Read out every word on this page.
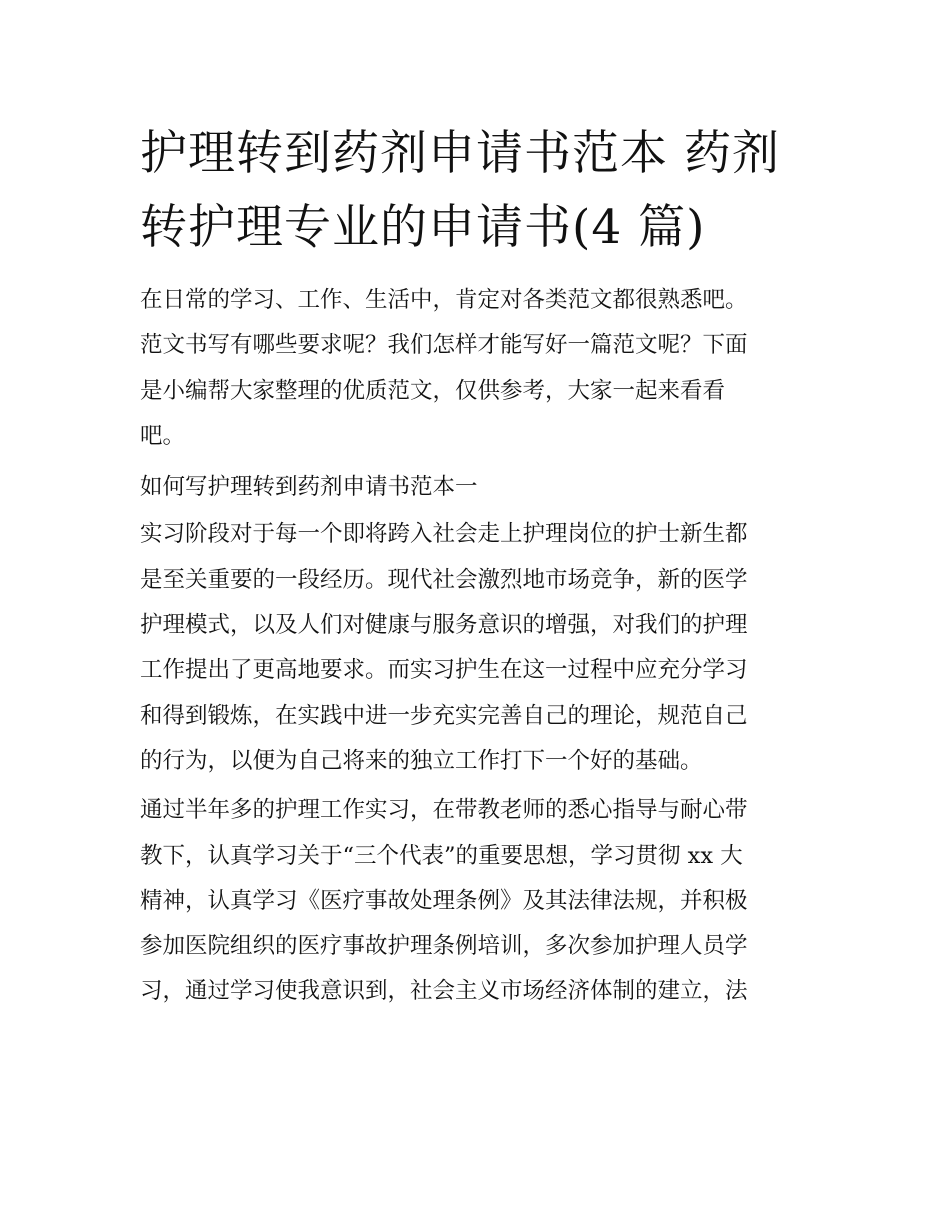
护理转到药剂申请书范本 药剂
转护理专业的申请书(4 篇)
在日常的学习、工作、生活中，肯定对各类范文都很熟悉吧。
范文书写有哪些要求呢？我们怎样才能写好一篇范文呢？下面
是小编帮大家整理的优质范文，仅供参考，大家一起来看看
吧。
如何写护理转到药剂申请书范本一
实习阶段对于每一个即将跨入社会走上护理岗位的护士新生都
是至关重要的一段经历。现代社会激烈地市场竞争，新的医学
护理模式，以及人们对健康与服务意识的增强，对我们的护理
工作提出了更高地要求。而实习护生在这一过程中应充分学习
和得到锻炼，在实践中进一步充实完善自己的理论，规范自己
的行为，以便为自己将来的独立工作打下一个好的基础。
通过半年多的护理工作实习，在带教老师的悉心指导与耐心带
教下，认真学习关于“三个代表”的重要思想，学习贯彻 xx 大
精神，认真学习《医疗事故处理条例》及其法律法规，并积极
参加医院组织的医疗事故护理条例培训，多次参加护理人员学
习，通过学习使我意识到，社会主义市场经济体制的建立，法
